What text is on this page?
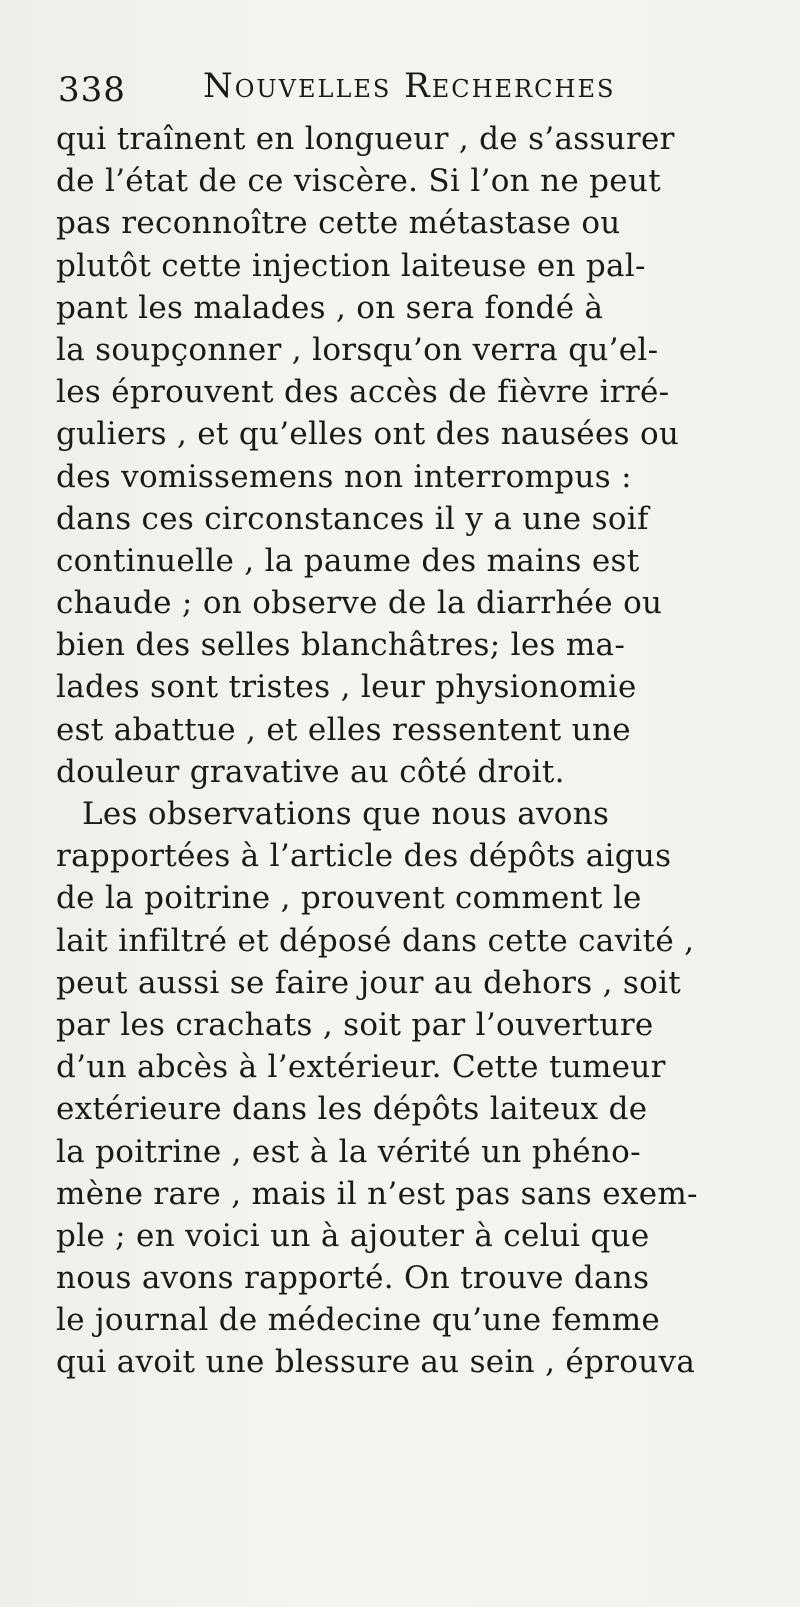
338 Nouvelles Recherches
qui traînent en longueur , de s’assurer
de l’état de ce viscère. Si l’on ne peut
pas reconnoître cette métastase ou
plutôt cette injection laiteuse en pal-
pant les malades , on sera fondé à
la soupçonner , lorsqu’on verra qu’el-
les éprouvent des accès de fièvre irré-
guliers , et qu’elles ont des nausées ou
des vomissemens non interrompus :
dans ces circonstances il y a une soif
continuelle , la paume des mains est
chaude ; on observe de la diarrhée ou
bien des selles blanchâtres; les ma-
lades sont tristes , leur physionomie
est abattue , et elles ressentent une
douleur gravative au côté droit.
Les observations que nous avons
rapportées à l’article des dépôts aigus
de la poitrine , prouvent comment le
lait infiltré et déposé dans cette cavité ,
peut aussi se faire jour au dehors , soit
par les crachats , soit par l’ouverture
d’un abcès à l’extérieur. Cette tumeur
extérieure dans les dépôts laiteux de
la poitrine , est à la vérité un phéno-
mène rare , mais il n’est pas sans exem-
ple ; en voici un à ajouter à celui que
nous avons rapporté. On trouve dans
le journal de médecine qu’une femme
qui avoit une blessure au sein , éprouva
